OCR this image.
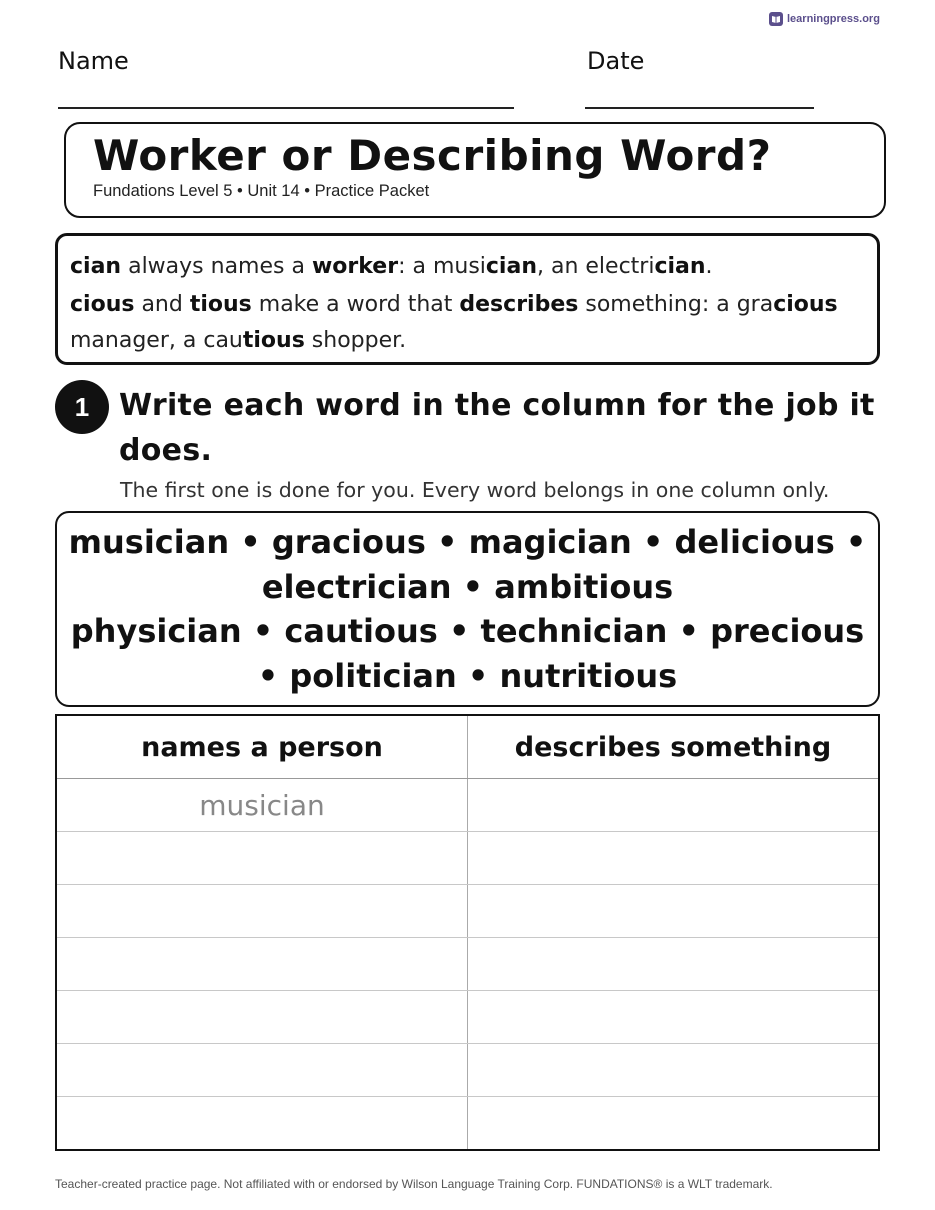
learningpress.org
Name	Date
Worker or Describing Word?
Fundations Level 5 • Unit 14 • Practice Packet

cian always names a worker: a musician, an electrician.

cious and tious make a word that describes something: a gracious manager, a cautious shopper.

1 Write each word in the column for the job it does.
The first one is done for you. Every word belongs in one column only.
musician • gracious • magician • delicious •
electrician • ambitious
physician • cautious • technician • precious
• politician • nutritious
names a person	describes something
musician	

Teacher-created practice page. Not affiliated with or endorsed by Wilson Language Training Corp. FUNDATIONS® is a WLT trademark.
